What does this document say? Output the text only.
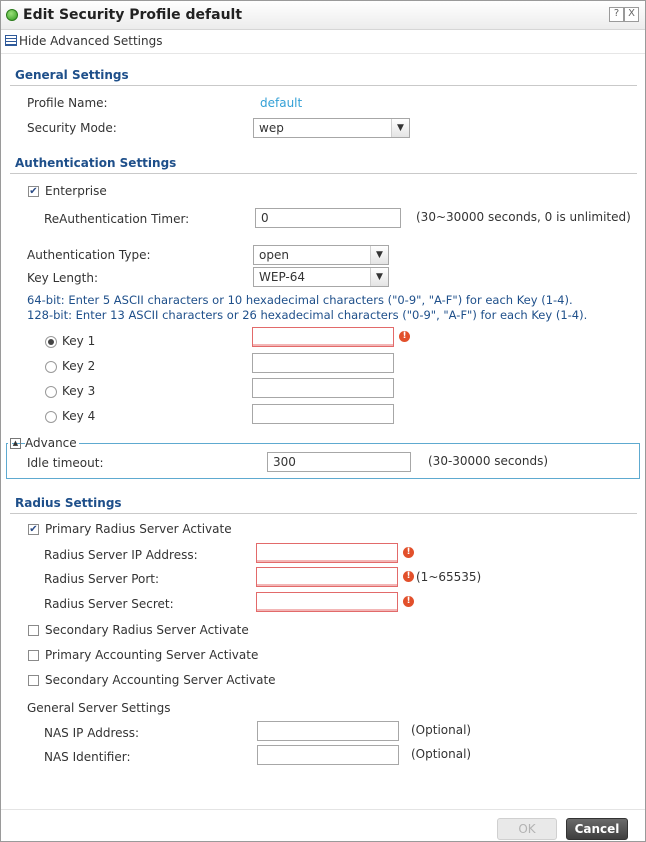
Edit Security Profile default	? X
Hide Advanced Settings
General Settings
Profile Name:	default
Security Mode:	wep	▼
Authentication Settings
✔ Enterprise
ReAuthentication Timer:	0	(30~30000 seconds, 0 is unlimited)
Authentication Type:	open	▼
Key Length:	WEP-64	▼
64-bit: Enter 5 ASCII characters or 10 hexadecimal characters ("0-9", "A-F") for each Key (1-4).
128-bit: Enter 13 ASCII characters or 26 hexadecimal characters ("0-9", "A-F") for each Key (1-4).
Key 1	!
Key 2
Key 3
Key 4
▲ Advance
Idle timeout:	300	(30-30000 seconds)
Radius Settings
✔ Primary Radius Server Activate
Radius Server IP Address:	!
Radius Server Port:	! (1~65535)
Radius Server Secret:	!
Secondary Radius Server Activate
Primary Accounting Server Activate
Secondary Accounting Server Activate
General Server Settings
NAS IP Address:	(Optional)
NAS Identifier:	(Optional)
OK	Cancel
